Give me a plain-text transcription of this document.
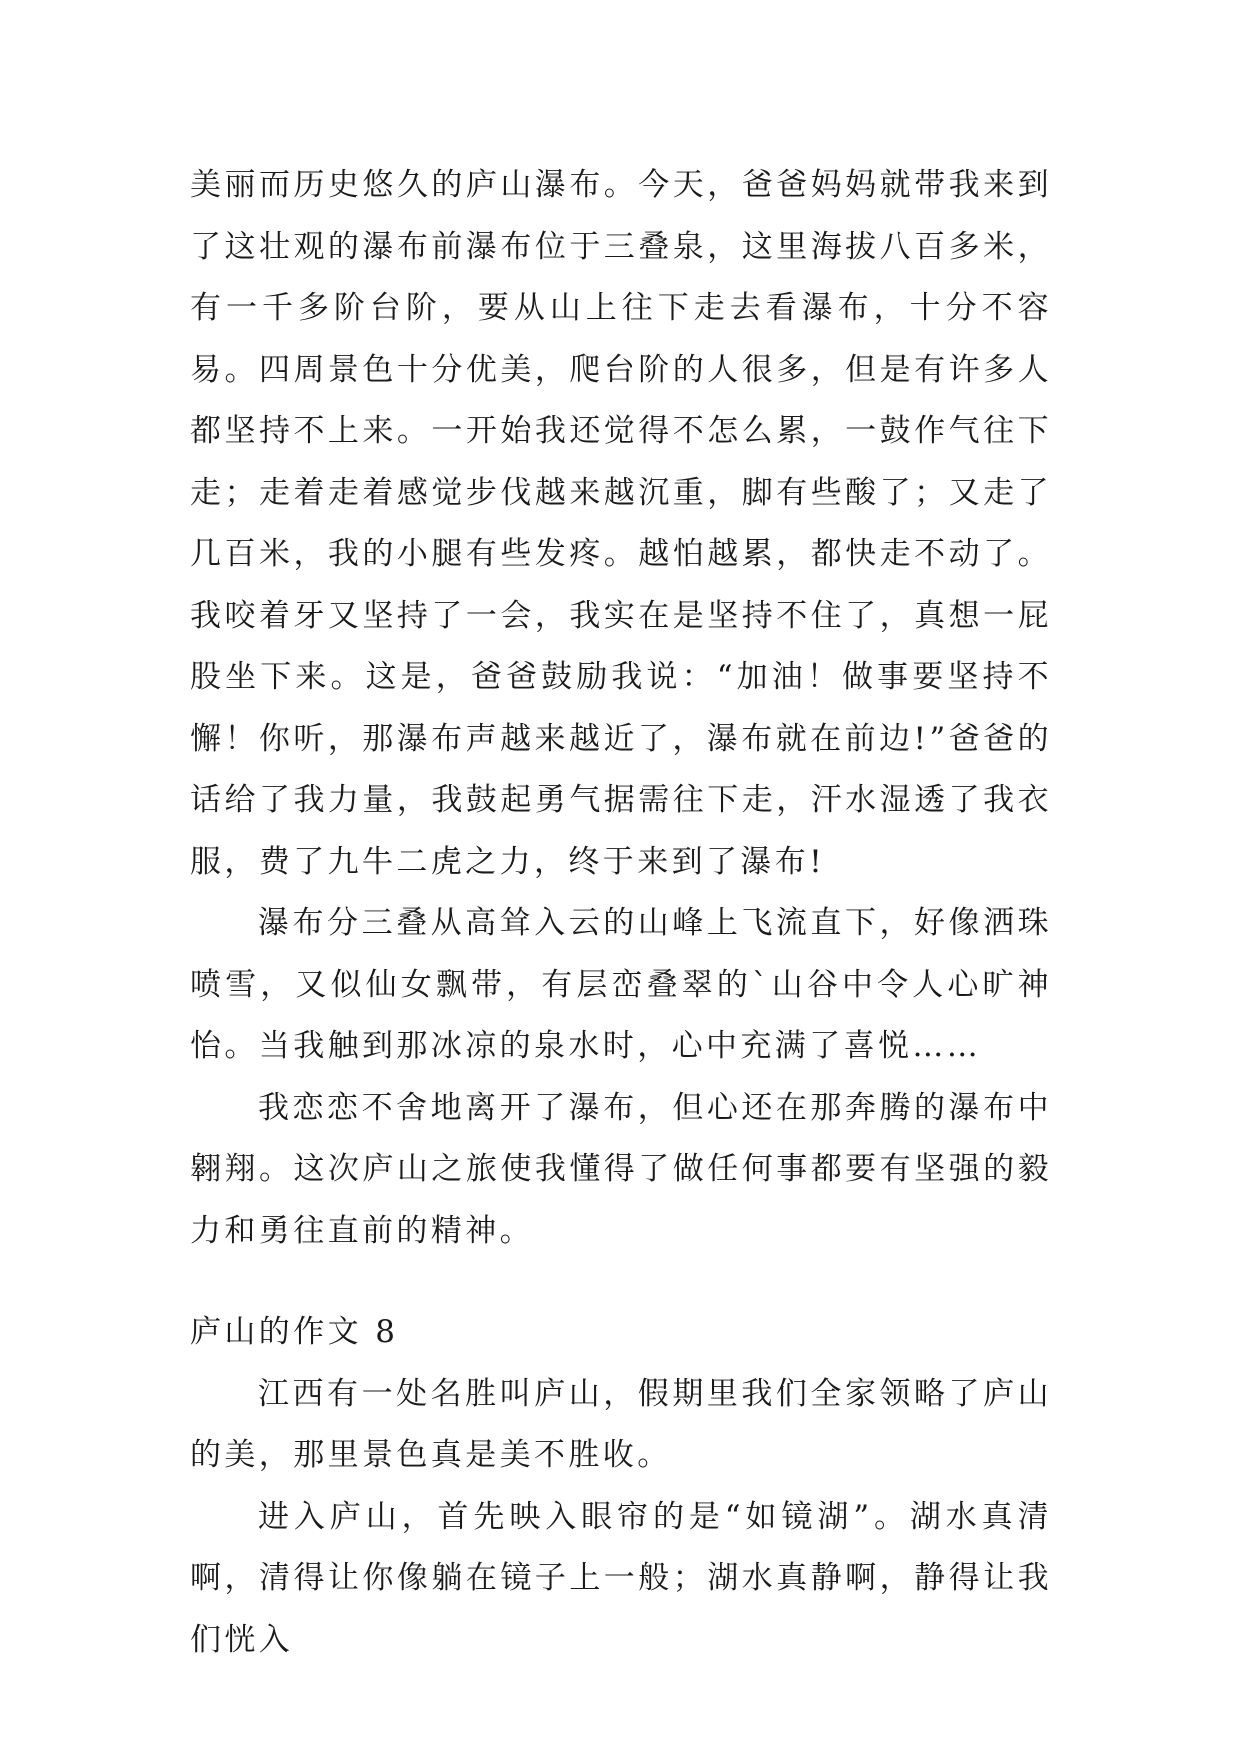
美丽而历史悠久的庐山瀑布。今天，爸爸妈妈就带我来到了这壮观的瀑布前瀑布位于三叠泉，这里海拔八百多米，有一千多阶台阶，要从山上往下走去看瀑布，十分不容易。四周景色十分优美，爬台阶的人很多，但是有许多人都坚持不上来。一开始我还觉得不怎么累，一鼓作气往下走；走着走着感觉步伐越来越沉重，脚有些酸了；又走了几百米，我的小腿有些发疼。越怕越累，都快走不动了。我咬着牙又坚持了一会，我实在是坚持不住了，真想一屁股坐下来。这是，爸爸鼓励我说：“加油！做事要坚持不懈！你听，那瀑布声越来越近了，瀑布就在前边!”爸爸的话给了我力量，我鼓起勇气据需往下走，汗水湿透了我衣服，费了九牛二虎之力，终于来到了瀑布!

瀑布分三叠从高耸入云的山峰上飞流直下，好像洒珠喷雪，又似仙女飘带，有层峦叠翠的`山谷中令人心旷神怡。当我触到那冰凉的泉水时，心中充满了喜悦……

我恋恋不舍地离开了瀑布，但心还在那奔腾的瀑布中翱翔。这次庐山之旅使我懂得了做任何事都要有坚强的毅力和勇往直前的精神。

庐山的作文 8

江西有一处名胜叫庐山，假期里我们全家领略了庐山的美，那里景色真是美不胜收。

进入庐山，首先映入眼帘的是“如镜湖”。湖水真清啊，清得让你像躺在镜子上一般；湖水真静啊，静得让我们恍入
